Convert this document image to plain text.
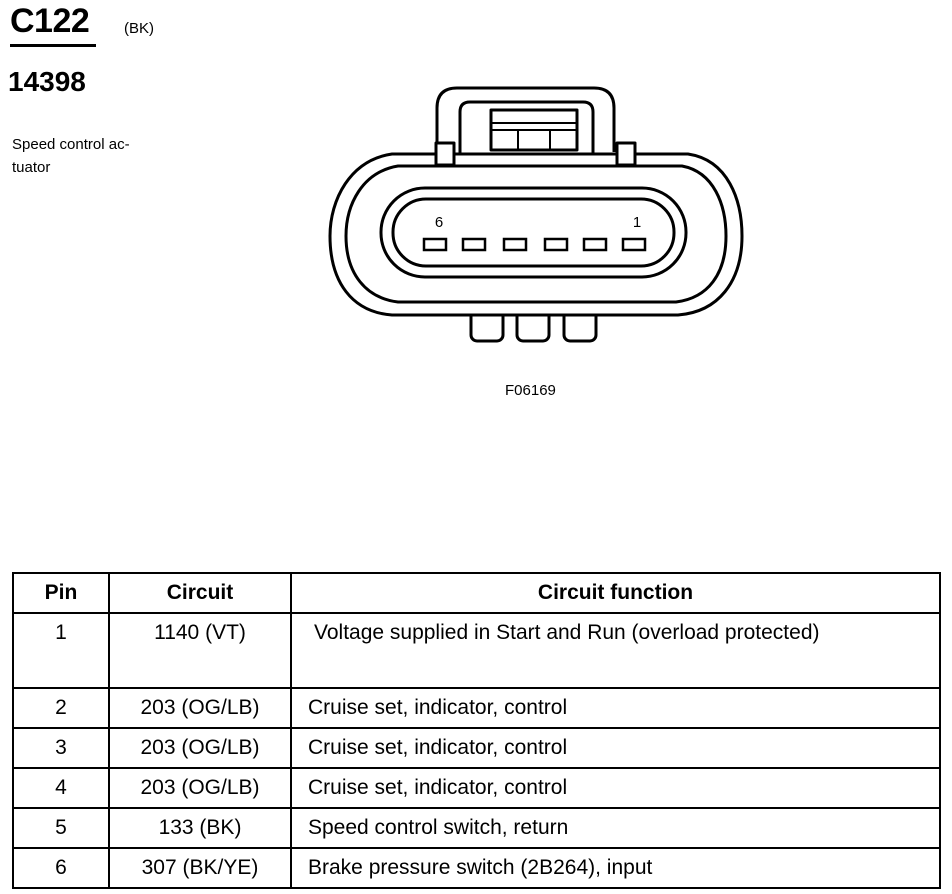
C122 (BK)
14398
Speed control ac-tuator
6	1
F06169
Pin	Circuit	Circuit function
1	1140 (VT)	Voltage supplied in Start and Run (overload protected)
2	203 (OG/LB)	Cruise set, indicator, control
3	203 (OG/LB)	Cruise set, indicator, control
4	203 (OG/LB)	Cruise set, indicator, control
5	133 (BK)	Speed control switch, return
6	307 (BK/YE)	Brake pressure switch (2B264), input
